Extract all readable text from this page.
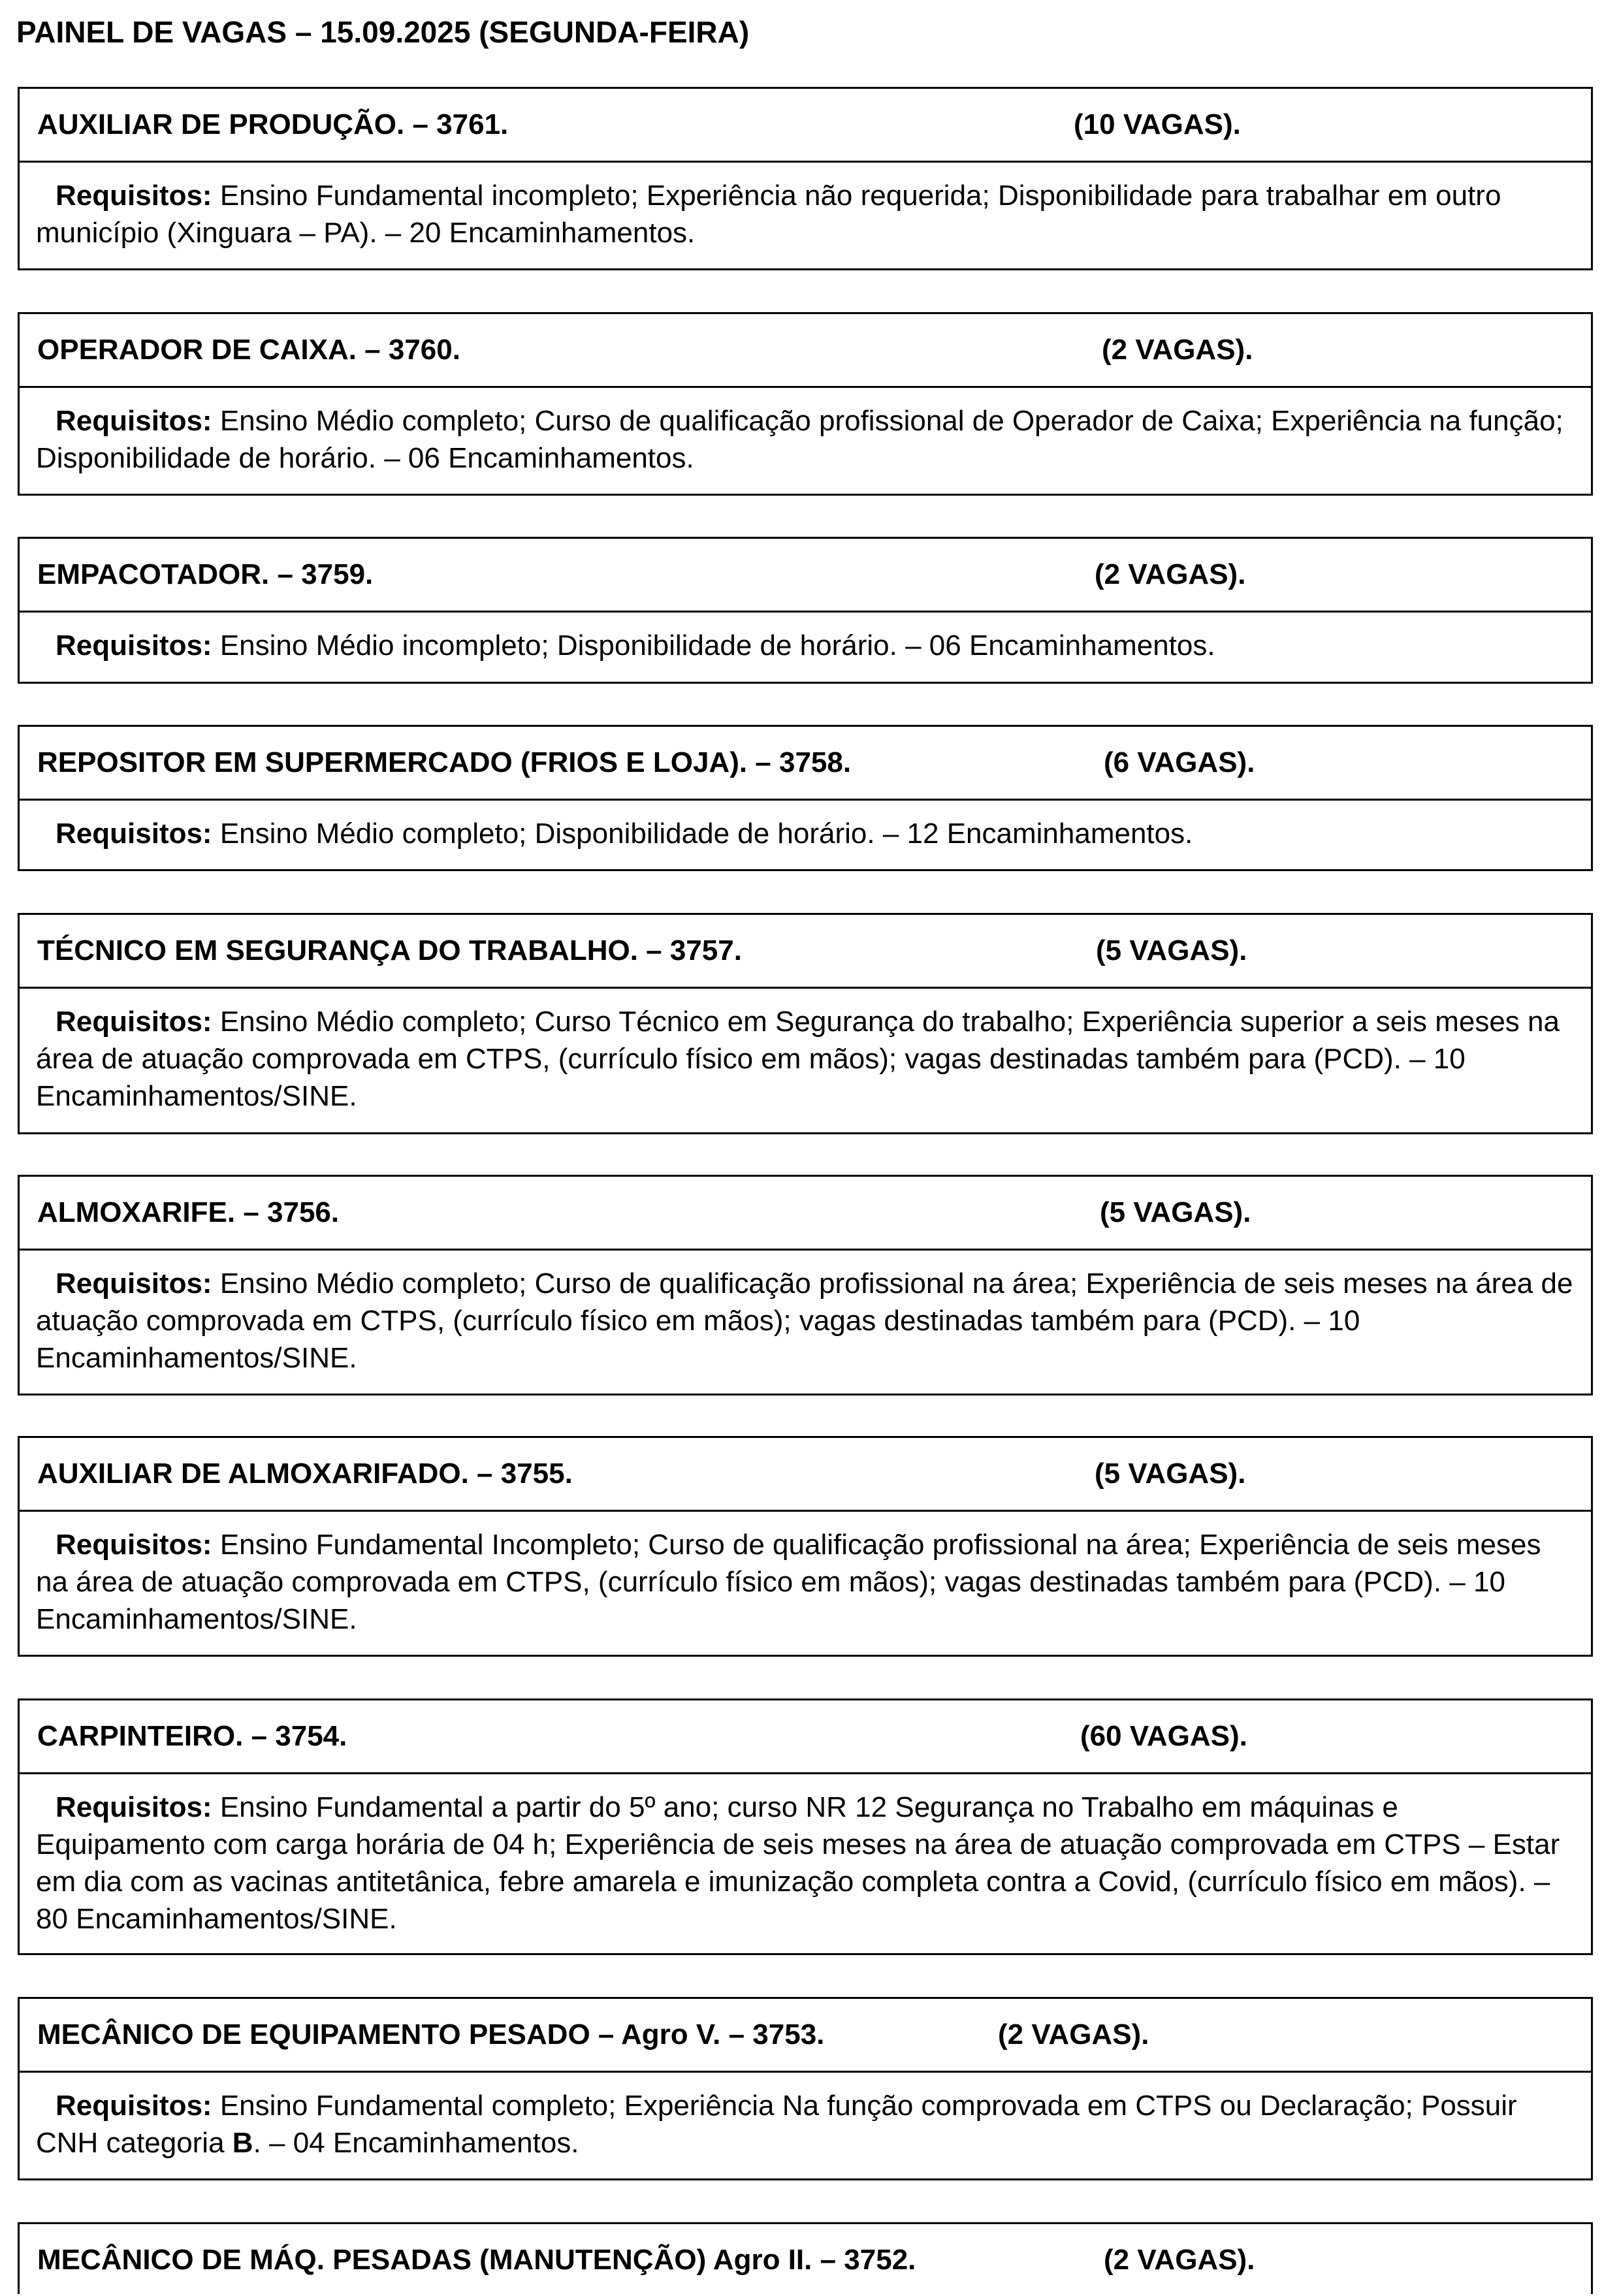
PAINEL DE VAGAS – 15.09.2025 (SEGUNDA-FEIRA)
AUXILIAR DE PRODUÇÃO. – 3761.	(10 VAGAS).
Requisitos: Ensino Fundamental incompleto; Experiência não requerida; Disponibilidade para trabalhar em outro município (Xinguara – PA). – 20 Encaminhamentos.
OPERADOR DE CAIXA. – 3760.	(2 VAGAS).
Requisitos: Ensino Médio completo; Curso de qualificação profissional de Operador de Caixa; Experiência na função; Disponibilidade de horário. – 06 Encaminhamentos.
EMPACOTADOR. – 3759.	(2 VAGAS).
Requisitos: Ensino Médio incompleto; Disponibilidade de horário. – 06 Encaminhamentos.
REPOSITOR EM SUPERMERCADO (FRIOS E LOJA). – 3758.	(6 VAGAS).
Requisitos: Ensino Médio completo; Disponibilidade de horário. – 12 Encaminhamentos.
TÉCNICO EM SEGURANÇA DO TRABALHO. – 3757.	(5 VAGAS).
Requisitos: Ensino Médio completo; Curso Técnico em Segurança do trabalho; Experiência superior a seis meses na área de atuação comprovada em CTPS, (currículo físico em mãos); vagas destinadas também para (PCD). – 10 Encaminhamentos/SINE.
ALMOXARIFE. – 3756.	(5 VAGAS).
Requisitos: Ensino Médio completo; Curso de qualificação profissional na área; Experiência de seis meses na área de atuação comprovada em CTPS, (currículo físico em mãos); vagas destinadas também para (PCD). – 10 Encaminhamentos/SINE.
AUXILIAR DE ALMOXARIFADO. – 3755.	(5 VAGAS).
Requisitos: Ensino Fundamental Incompleto; Curso de qualificação profissional na área; Experiência de seis meses na área de atuação comprovada em CTPS, (currículo físico em mãos); vagas destinadas também para (PCD). – 10 Encaminhamentos/SINE.
CARPINTEIRO. – 3754.	(60 VAGAS).
Requisitos: Ensino Fundamental a partir do 5º ano; curso NR 12 Segurança no Trabalho em máquinas e Equipamento com carga horária de 04 h; Experiência de seis meses na área de atuação comprovada em CTPS – Estar em dia com as vacinas antitetânica, febre amarela e imunização completa contra a Covid, (currículo físico em mãos). – 80 Encaminhamentos/SINE.
MECÂNICO DE EQUIPAMENTO PESADO – Agro V. – 3753.	(2 VAGAS).
Requisitos: Ensino Fundamental completo; Experiência Na função comprovada em CTPS ou Declaração; Possuir CNH categoria B. – 04 Encaminhamentos.
MECÂNICO DE MÁQ. PESADAS (MANUTENÇÃO) Agro II. – 3752.	(2 VAGAS).
